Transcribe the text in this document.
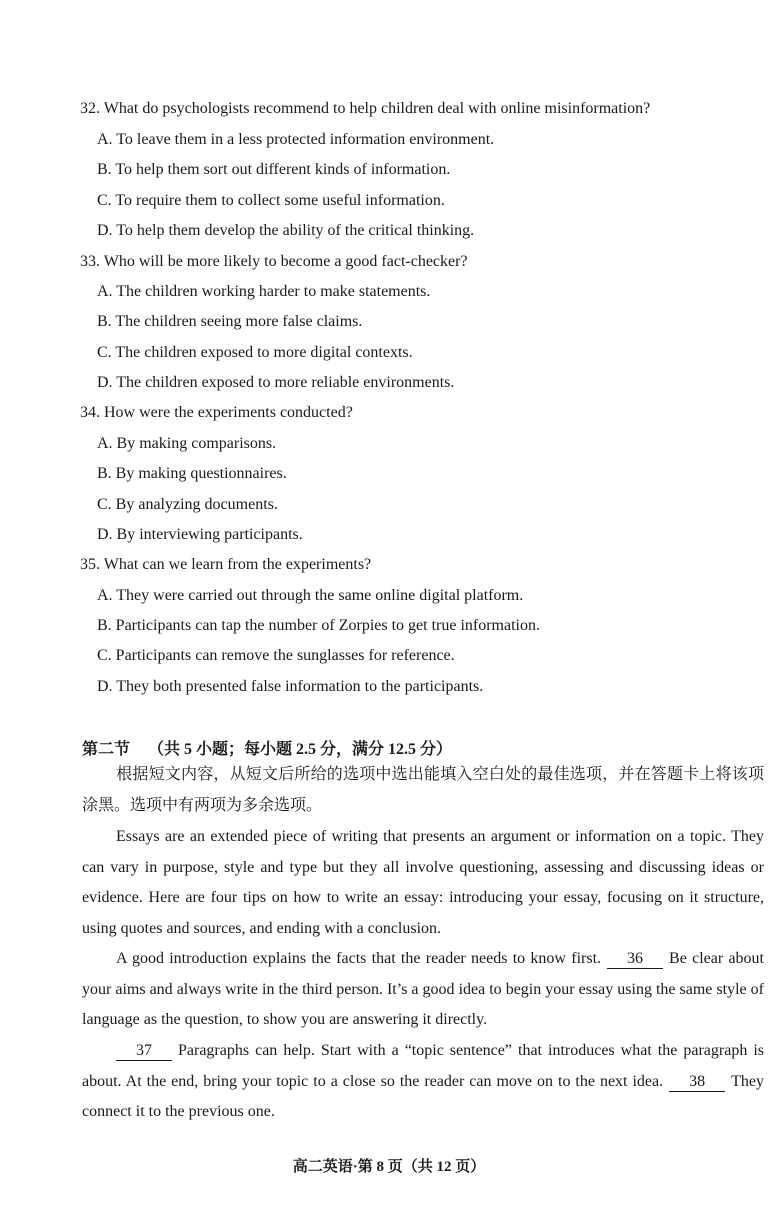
32. What do psychologists recommend to help children deal with online misinformation?
A. To leave them in a less protected information environment.
B. To help them sort out different kinds of information.
C. To require them to collect some useful information.
D. To help them develop the ability of the critical thinking.
33. Who will be more likely to become a good fact-checker?
A. The children working harder to make statements.
B. The children seeing more false claims.
C. The children exposed to more digital contexts.
D. The children exposed to more reliable environments.
34. How were the experiments conducted?
A. By making comparisons.
B. By making questionnaires.
C. By analyzing documents.
D. By interviewing participants.
35. What can we learn from the experiments?
A. They were carried out through the same online digital platform.
B. Participants can tap the number of Zorpies to get true information.
C. Participants can remove the sunglasses for reference.
D. They both presented false information to the participants.
第二节 （共 5 小题；每小题 2.5 分，满分 12.5 分）
根据短文内容，从短文后所给的选项中选出能填入空白处的最佳选项，并在答题卡上将该项涂黑。选项中有两项为多余选项。
Essays are an extended piece of writing that presents an argument or information on a topic. They can vary in purpose, style and type but they all involve questioning, assessing and discussing ideas or evidence. Here are four tips on how to write an essay: introducing your essay, focusing on it structure, using quotes and sources, and ending with a conclusion.
A good introduction explains the facts that the reader needs to know first. 36 Be clear about your aims and always write in the third person. It’s a good idea to begin your essay using the same style of language as the question, to show you are answering it directly.
37 Paragraphs can help. Start with a “topic sentence” that introduces what the paragraph is about. At the end, bring your topic to a close so the reader can move on to the next idea. 38 They connect it to the previous one.
高二英语·第 8 页（共 12 页）
